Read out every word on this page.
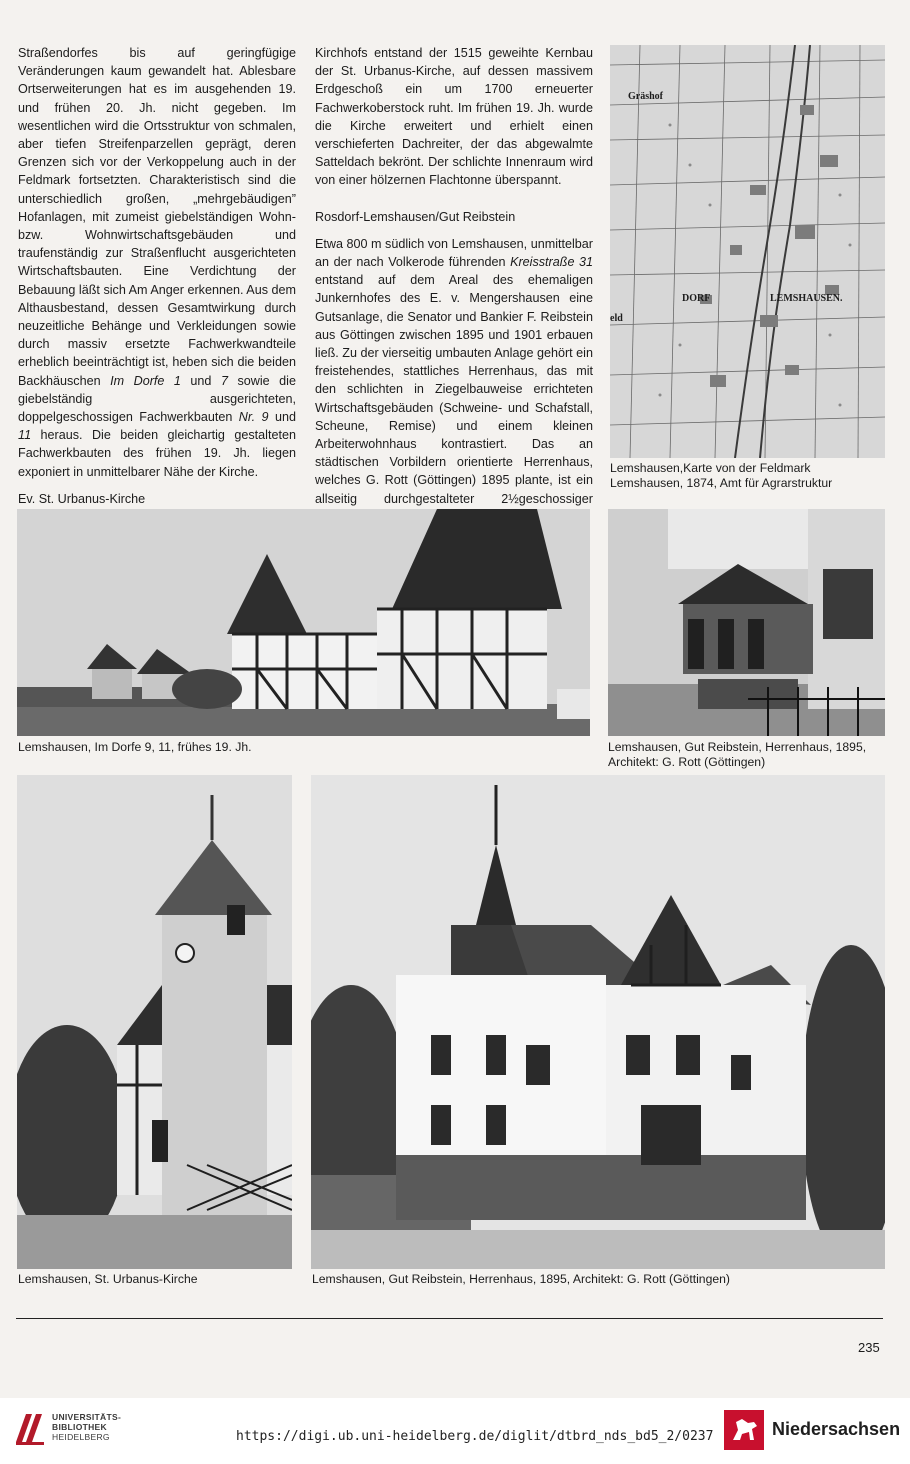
Straßendorfes bis auf geringfügige Veränderungen kaum gewandelt hat. Ablesbare Ortserweiterungen hat es im ausgehenden 19. und frühen 20. Jh. nicht gegeben. Im wesentlichen wird die Ortsstruktur von schmalen, aber tiefen Streifenparzellen geprägt, deren Grenzen sich vor der Verkoppelung auch in der Feldmark fortsetzten. Charakteristisch sind die unterschiedlich großen, „mehrgebäudigen” Hofanlagen, mit zumeist giebelständigen Wohn- bzw. Wohnwirtschaftsgebäuden und traufenständig zur Straßenflucht ausgerichteten Wirtschaftsbauten. Eine Verdichtung der Bebauung läßt sich Am Anger erkennen. Aus dem Althausbestand, dessen Gesamtwirkung durch neuzeitliche Behänge und Verkleidungen sowie durch massiv ersetzte Fachwerkwandteile erheblich beeinträchtigt ist, heben sich die beiden Backhäuschen Im Dorfe 1 und 7 sowie die giebelständig ausgerichteten, doppelgeschossigen Fachwerkbauten Nr. 9 und 11 heraus. Die beiden gleichartig gestalteten Fachwerkbauten des frühen 19. Jh. liegen exponiert in unmittelbarer Nähe der Kirche.

Ev. St. Urbanus-Kirche

Kirchhofs entstand der 1515 geweihte Kernbau der St. Urbanus-Kirche, auf dessen massivem Erdgeschoß ein um 1700 erneuerter Fachwerkoberstock ruht. Im frühen 19. Jh. wurde die Kirche erweitert und erhielt einen verschieferten Dachreiter, der das abgewalmte Satteldach bekrönt. Der schlichte Innenraum wird von einer hölzernen Flachtonne überspannt.

Rosdorf-Lemshausen/Gut Reibstein

Etwa 800 m südlich von Lemshausen, unmittelbar an der nach Volkerode führenden Kreisstraße 31 entstand auf dem Areal des ehemaligen Junkernhofes des E. v. Mengershausen eine Gutsanlage, die Senator und Bankier F. Reibstein aus Göttingen zwischen 1895 und 1901 erbauen ließ. Zu der vierseitig umbauten Anlage gehört ein freistehendes, stattliches Herrenhaus, das mit den schlichten in Ziegelbauweise errichteten Wirtschaftsgebäuden (Schweine- und Schafstall, Scheune, Remise) und einem kleinen Arbeiterwohnhaus kontrastiert. Das an städtischen Vorbildern orientierte Herrenhaus, welches G. Rott (Göttingen) 1895 plante, ist ein allseitig durchgestalteter 2½geschossiger

Gräshof
DORF	LEMSHAUSEN.
eld
Lemshausen,Karte von der Feldmark
Lemshausen, 1874, Amt für Agrarstruktur
Lemshausen, Im Dorfe 9, 11, frühes 19. Jh.	Lemshausen, Gut Reibstein, Herrenhaus, 1895,
Architekt: G. Rott (Göttingen)
Lemshausen, St. Urbanus-Kirche	Lemshausen, Gut Reibstein, Herrenhaus, 1895, Architekt: G. Rott (Göttingen)
235
UNIVERSITÄTS-
BIBLIOTHEK
HEIDELBERG	https://digi.ub.uni-heidelberg.de/diglit/dtbrd_nds_bd5_2/0237	Niedersachsen
